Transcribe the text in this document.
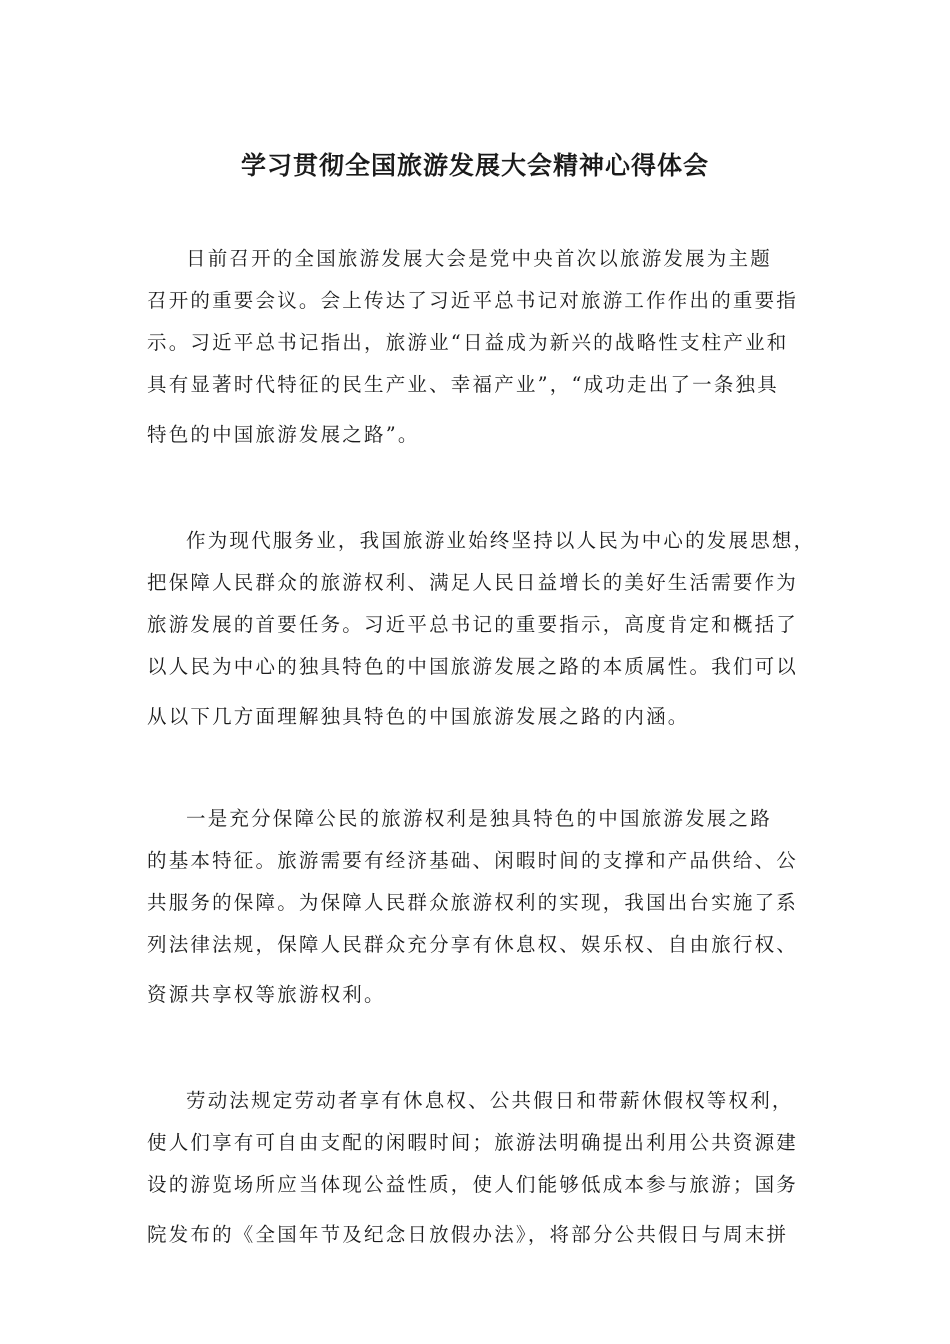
学习贯彻全国旅游发展大会精神心得体会
日前召开的全国旅游发展大会是党中央首次以旅游发展为主题
召开的重要会议。会上传达了习近平总书记对旅游工作作出的重要指
示。习近平总书记指出，旅游业“日益成为新兴的战略性支柱产业和
具有显著时代特征的民生产业、幸福产业”，“成功走出了一条独具
特色的中国旅游发展之路”。
作为现代服务业，我国旅游业始终坚持以人民为中心的发展思想，
把保障人民群众的旅游权利、满足人民日益增长的美好生活需要作为
旅游发展的首要任务。习近平总书记的重要指示，高度肯定和概括了
以人民为中心的独具特色的中国旅游发展之路的本质属性。我们可以
从以下几方面理解独具特色的中国旅游发展之路的内涵。
一是充分保障公民的旅游权利是独具特色的中国旅游发展之路
的基本特征。旅游需要有经济基础、闲暇时间的支撑和产品供给、公
共服务的保障。为保障人民群众旅游权利的实现，我国出台实施了系
列法律法规，保障人民群众充分享有休息权、娱乐权、自由旅行权、
资源共享权等旅游权利。
劳动法规定劳动者享有休息权、公共假日和带薪休假权等权利，
使人们享有可自由支配的闲暇时间；旅游法明确提出利用公共资源建
设的游览场所应当体现公益性质，使人们能够低成本参与旅游；国务
院发布的《全国年节及纪念日放假办法》，将部分公共假日与周末拼
